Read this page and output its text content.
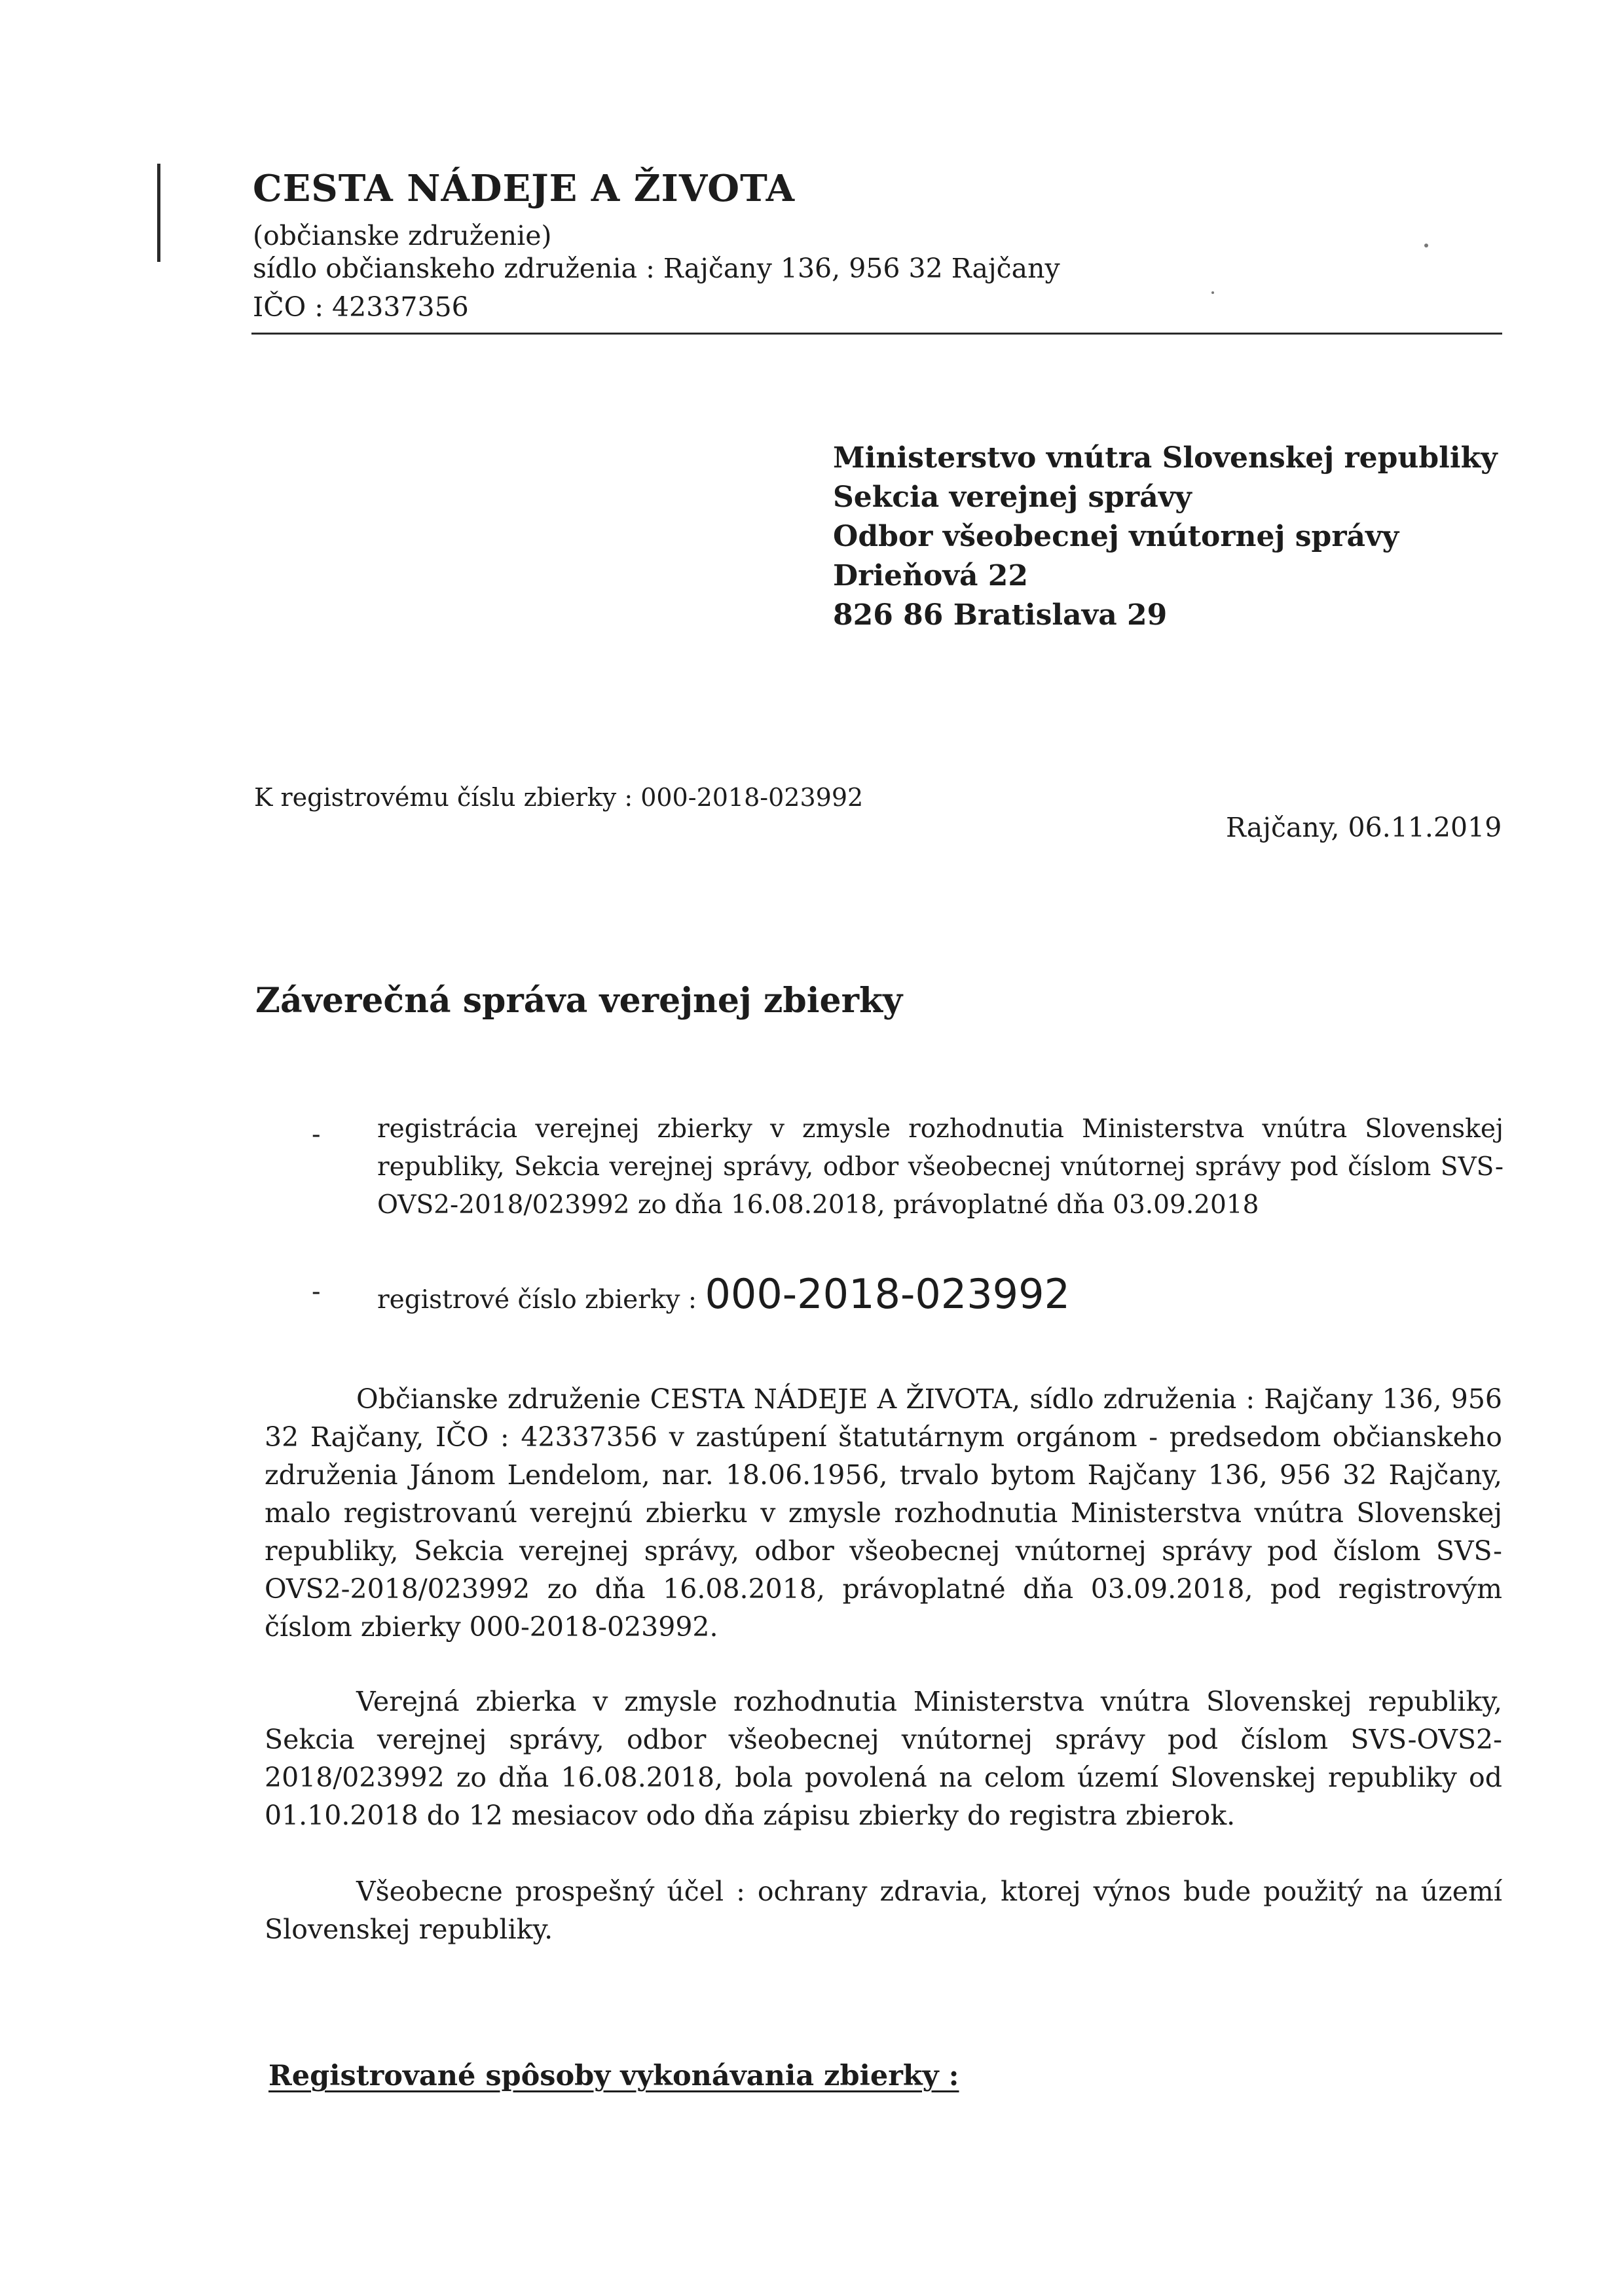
CESTA NÁDEJE A ŽIVOTA
(občianske združenie)
sídlo občianskeho združenia : Rajčany 136, 956 32 Rajčany
IČO : 42337356
Ministerstvo vnútra Slovenskej republiky
Sekcia verejnej správy
Odbor všeobecnej vnútornej správy
Drieňová 22
826 86 Bratislava 29
K registrovému číslu zbierky : 000-2018-023992
Rajčany, 06.11.2019
Záverečná správa verejnej zbierky
- registrácia verejnej zbierky v zmysle rozhodnutia Ministerstva vnútra Slovenskej republiky, Sekcia verejnej správy, odbor všeobecnej vnútornej správy pod číslom SVS-OVS2-2018/023992 zo dňa 16.08.2018, právoplatné dňa 03.09.2018
- registrové číslo zbierky : 000-2018-023992
Občianske združenie CESTA NÁDEJE A ŽIVOTA, sídlo združenia : Rajčany 136, 956 32 Rajčany, IČO : 42337356 v zastúpení štatutárnym orgánom - predsedom občianskeho združenia Jánom Lendelom, nar. 18.06.1956, trvalo bytom Rajčany 136, 956 32 Rajčany, malo registrovanú verejnú zbierku v zmysle rozhodnutia Ministerstva vnútra Slovenskej republiky, Sekcia verejnej správy, odbor všeobecnej vnútornej správy pod číslom SVS-OVS2-2018/023992 zo dňa 16.08.2018, právoplatné dňa 03.09.2018, pod registrovým číslom zbierky 000-2018-023992.
Verejná zbierka v zmysle rozhodnutia Ministerstva vnútra Slovenskej republiky, Sekcia verejnej správy, odbor všeobecnej vnútornej správy pod číslom SVS-OVS2-2018/023992 zo dňa 16.08.2018, bola povolená na celom území Slovenskej republiky od 01.10.2018 do 12 mesiacov odo dňa zápisu zbierky do registra zbierok.
Všeobecne prospešný účel : ochrany zdravia, ktorej výnos bude použitý na území Slovenskej republiky.
Registrované spôsoby vykonávania zbierky :
